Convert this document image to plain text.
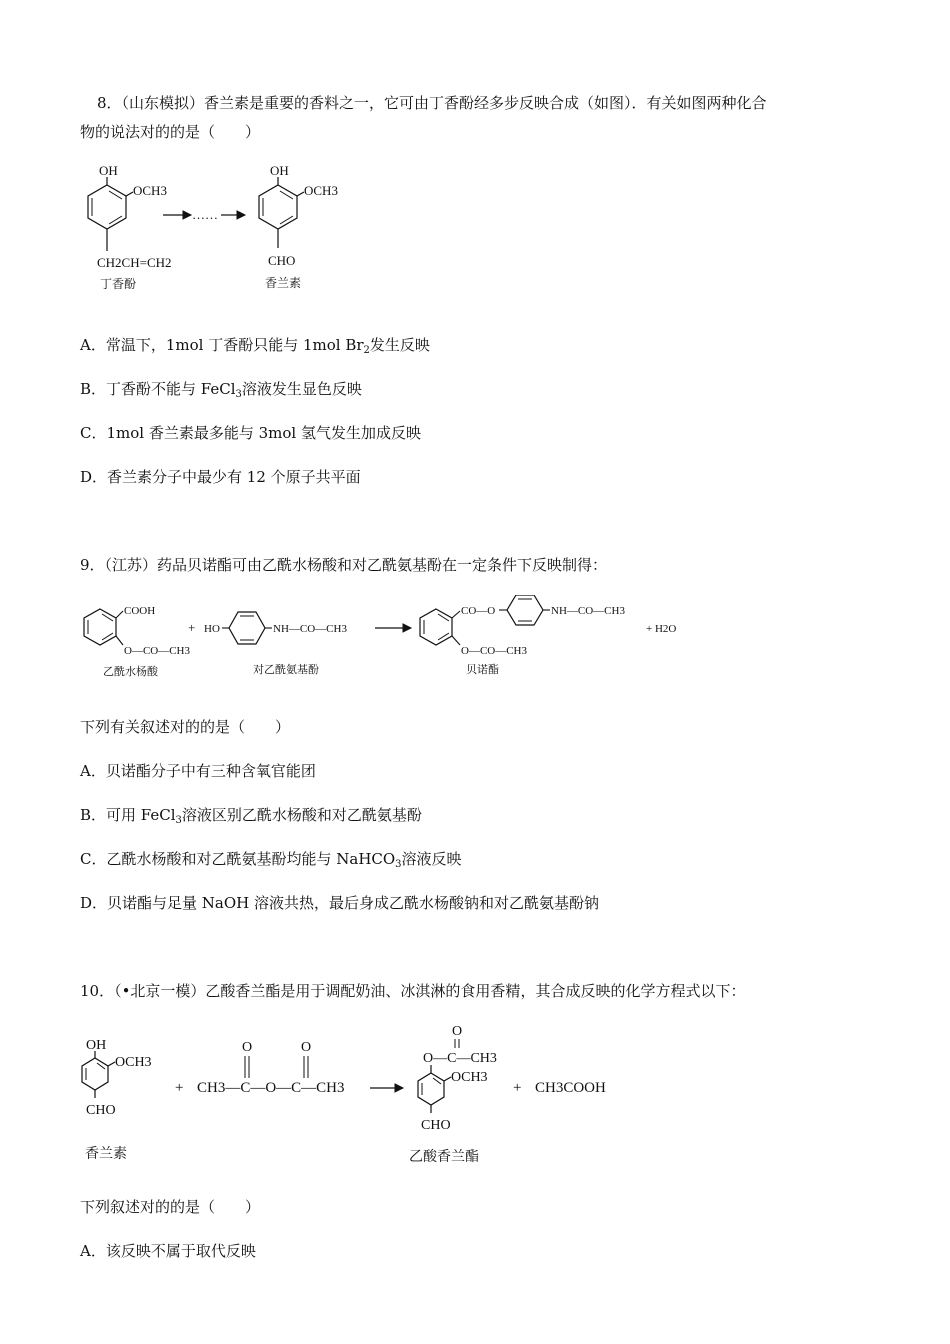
8．（山东模拟）香兰素是重要的香料之一，它可由丁香酚经多步反映合成（如图）．有关如图两种化合
物的说法对的的是（　　）
OH
OCH3
CH2CH=CH2
丁香酚
……
OH
OCH3
CHO
香兰素
A．常温下，1mol 丁香酚只能与 1mol $Br_2$发生反映
B．丁香酚不能与 FeCl$_3$溶液发生显色反映
C．1mol 香兰素最多能与 3mol 氢气发生加成反映
D．香兰素分子中最少有 12 个原子共平面
9．（江苏）药品贝诺酯可由乙酰水杨酸和对乙酰氨基酚在一定条件下反映制得：
COOH
O—CO—CH3
乙酰水杨酸
+ HO	NH—CO—CH3
对乙酰氨基酚
CO—O	NH—CO—CH3
O—CO—CH3
贝诺酯
+ H2O
下列有关叙述对的的是（　　）
A．贝诺酯分子中有三种含氧官能团
B．可用 FeCl$_3$溶液区别乙酰水杨酸和对乙酰氨基酚
C．乙酰水杨酸和对乙酰氨基酚均能与 NaHCO$_3$溶液反映
D．贝诺酯与足量 NaOH 溶液共热，最后身成乙酰水杨酸钠和对乙酰氨基酚钠
10．（•北京一模）乙酸香兰酯是用于调配奶油、冰淇淋的食用香精，其合成反映的化学方程式以下：
OH
OCH3
CHO
香兰素
+ CH3—C—O—C—CH3
O	O
O
O—C—CH3
OCH3
CHO
乙酸香兰酯
+ CH3COOH
下列叙述对的的是（　　）
A．该反映不属于取代反映
